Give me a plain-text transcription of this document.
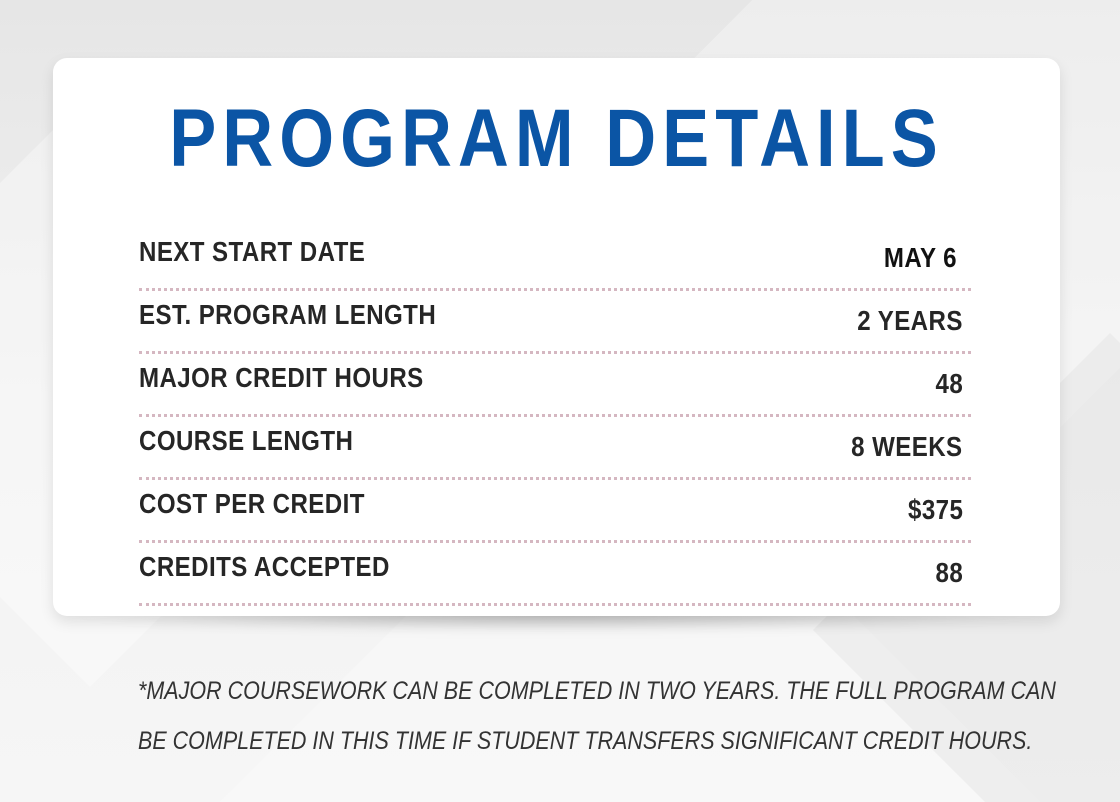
PROGRAM DETAILS
NEXT START DATE	MAY 6
EST. PROGRAM LENGTH	2 YEARS
MAJOR CREDIT HOURS	48
COURSE LENGTH	8 WEEKS
COST PER CREDIT	$375
CREDITS ACCEPTED	88
*MAJOR COURSEWORK CAN BE COMPLETED IN TWO YEARS. THE FULL PROGRAM CAN
BE COMPLETED IN THIS TIME IF STUDENT TRANSFERS SIGNIFICANT CREDIT HOURS.
